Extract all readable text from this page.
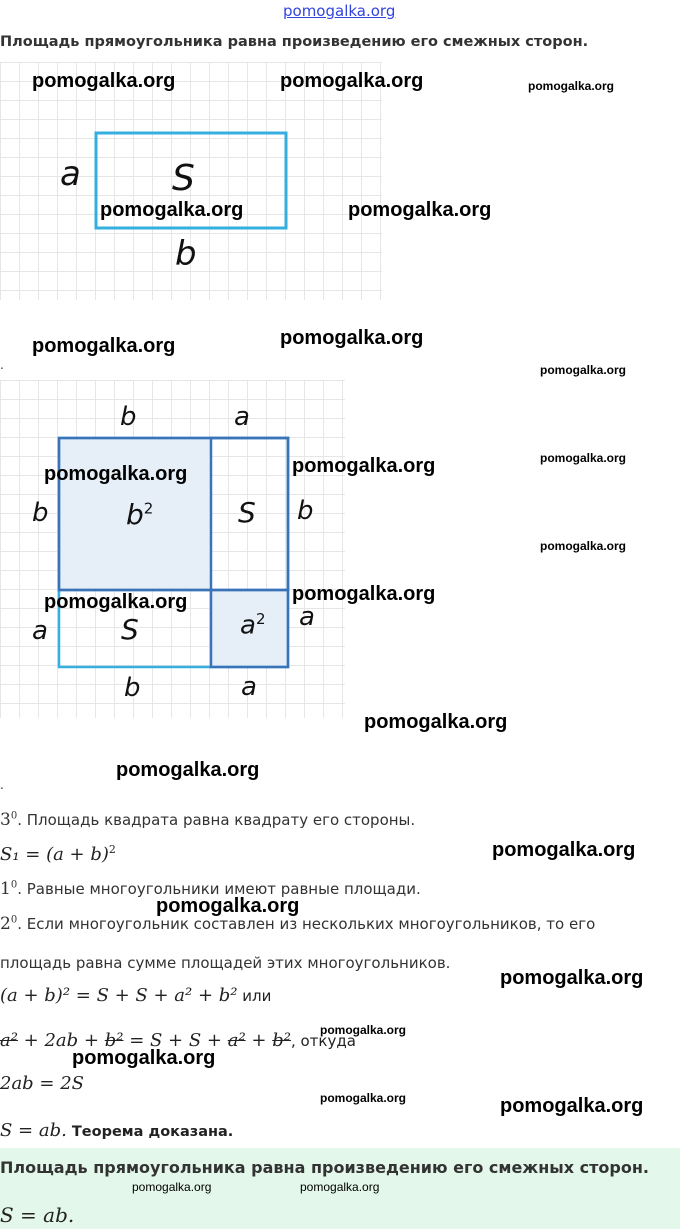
pomogalka.org
Площадь прямоугольника равна произведению его смежных сторон.
a	S
b
.
b	a
b
a
b
a
b	a
$b^2$	S
S	$a^2$
.
$3^0$. Площадь квадрата равна квадрату его стороны.
$S_1 = (a + b)^2$
$1^0$. Равные многоугольники имеют равные площади.
$2^0$. Если многоугольник составлен из нескольких многоугольников, то его
площадь равна сумме площадей этих многоугольников.
(a + b)² = S + S + a² + b² или
a² + 2ab + b² = S + S + a² + b², откуда
2ab = 2S
S = ab. Теорема доказана.
Площадь прямоугольника равна произведению его смежных сторон.
S = ab.
pomogalka.org	pomogalka.org	pomogalka.org
pomogalka.org	pomogalka.org
pomogalka.org	pomogalka.org
pomogalka.org
pomogalka.org	pomogalka.org	pomogalka.org
pomogalka.org
pomogalka.org	pomogalka.org
pomogalka.org
pomogalka.org
pomogalka.org
pomogalka.org
pomogalka.org
pomogalka.org
pomogalka.org
pomogalka.org	pomogalka.org
pomogalka.org	pomogalka.org
